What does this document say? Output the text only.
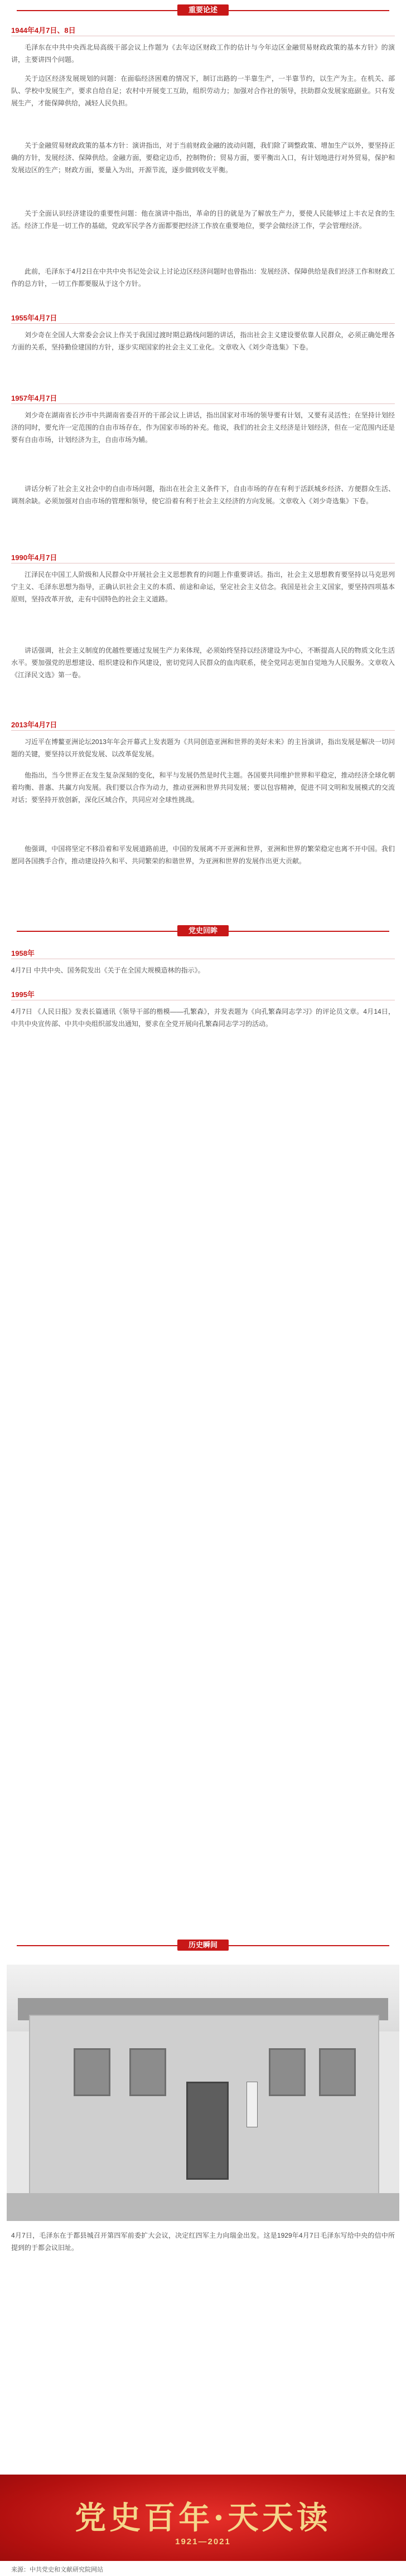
重要论述
1944年4月7日、8日
毛泽东在中共中央西北局高级干部会议上作题为《去年边区财政工作的估计与今年边区金融贸易财政政策的基本方针》的演讲，主要讲四个问题。
关于边区经济发展规划的问题：在面临经济困难的情况下，制订出路的一半靠生产，一半靠节约，以生产为主。在机关、部队、学校中发展生产，要求自给自足；农村中开展变工互助，组织劳动力；加强对合作社的领导，扶助群众发展家庭副业。只有发展生产，才能保障供给，减轻人民负担。
关于金融贸易财政政策的基本方针：演讲指出，对于当前财政金融的波动问题，我们除了调整政策、增加生产以外，要坚持正确的方针，发展经济、保障供给。金融方面，要稳定边币，控制物价；贸易方面，要平衡出入口，有计划地进行对外贸易，保护和发展边区的生产；财政方面，要量入为出，开源节流，逐步做到收支平衡。
关于全面认识经济建设的重要性问题：他在演讲中指出，革命的目的就是为了解放生产力，要使人民能够过上丰衣足食的生活。经济工作是一切工作的基础，党政军民学各方面都要把经济工作放在重要地位，要学会做经济工作，学会管理经济。
此前，毛泽东于4月2日在中共中央书记处会议上讨论边区经济问题时也曾指出：发展经济、保障供给是我们经济工作和财政工作的总方针，一切工作都要服从于这个方针。
1955年4月7日
刘少奇在全国人大常委会会议上作关于我国过渡时期总路线问题的讲话，指出社会主义建设要依靠人民群众，必须正确处理各方面的关系，坚持勤俭建国的方针，逐步实现国家的社会主义工业化。文章收入《刘少奇选集》下卷。
1957年4月7日
刘少奇在湖南省长沙市中共湖南省委召开的干部会议上讲话，指出国家对市场的领导要有计划，又要有灵活性；在坚持计划经济的同时，要允许一定范围的自由市场存在，作为国家市场的补充。他说，我们的社会主义经济是计划经济，但在一定范围内还是要有自由市场，计划经济为主，自由市场为辅。
讲话分析了社会主义社会中的自由市场问题，指出在社会主义条件下，自由市场的存在有利于活跃城乡经济、方便群众生活、调剂余缺。必须加强对自由市场的管理和领导，使它沿着有利于社会主义经济的方向发展。文章收入《刘少奇选集》下卷。
1990年4月7日
江泽民在中国工人阶级和人民群众中开展社会主义思想教育的问题上作重要讲话。指出，社会主义思想教育要坚持以马克思列宁主义、毛泽东思想为指导，正确认识社会主义的本质、前途和命运，坚定社会主义信念。我国是社会主义国家，要坚持四项基本原则，坚持改革开放，走有中国特色的社会主义道路。
讲话强调，社会主义制度的优越性要通过发展生产力来体现，必须始终坚持以经济建设为中心，不断提高人民的物质文化生活水平。要加强党的思想建设、组织建设和作风建设，密切党同人民群众的血肉联系，使全党同志更加自觉地为人民服务。文章收入《江泽民文选》第一卷。
2013年4月7日
习近平在博鳌亚洲论坛2013年年会开幕式上发表题为《共同创造亚洲和世界的美好未来》的主旨演讲，指出发展是解决一切问题的关键，要坚持以开放促发展、以改革促发展。
他指出，当今世界正在发生复杂深刻的变化，和平与发展仍然是时代主题。各国要共同维护世界和平稳定，推动经济全球化朝着均衡、普惠、共赢方向发展。我们要以合作为动力，推动亚洲和世界共同发展；要以包容精神，促进不同文明和发展模式的交流对话；要坚持开放创新，深化区域合作，共同应对全球性挑战。
他强调，中国将坚定不移沿着和平发展道路前进，中国的发展离不开亚洲和世界，亚洲和世界的繁荣稳定也离不开中国。我们愿同各国携手合作，推动建设持久和平、共同繁荣的和谐世界，为亚洲和世界的发展作出更大贡献。
党史回眸
1958年
4月7日 中共中央、国务院发出《关于在全国大规模造林的指示》。
1995年
4月7日 《人民日报》发表长篇通讯《领导干部的楷模——孔繁森》，并发表题为《向孔繁森同志学习》的评论员文章。4月14日，中共中央宣传部、中共中央组织部发出通知，要求在全党开展向孔繁森同志学习的活动。
历史瞬间
4月7日，毛泽东在于都县城召开第四军前委扩大会议，决定红四军主力向瑞金出发。这是1929年4月7日毛泽东写给中央的信中所提到的于都会议旧址。
党史百年·天天读
1921—2021
来源：中共党史和文献研究院网站
